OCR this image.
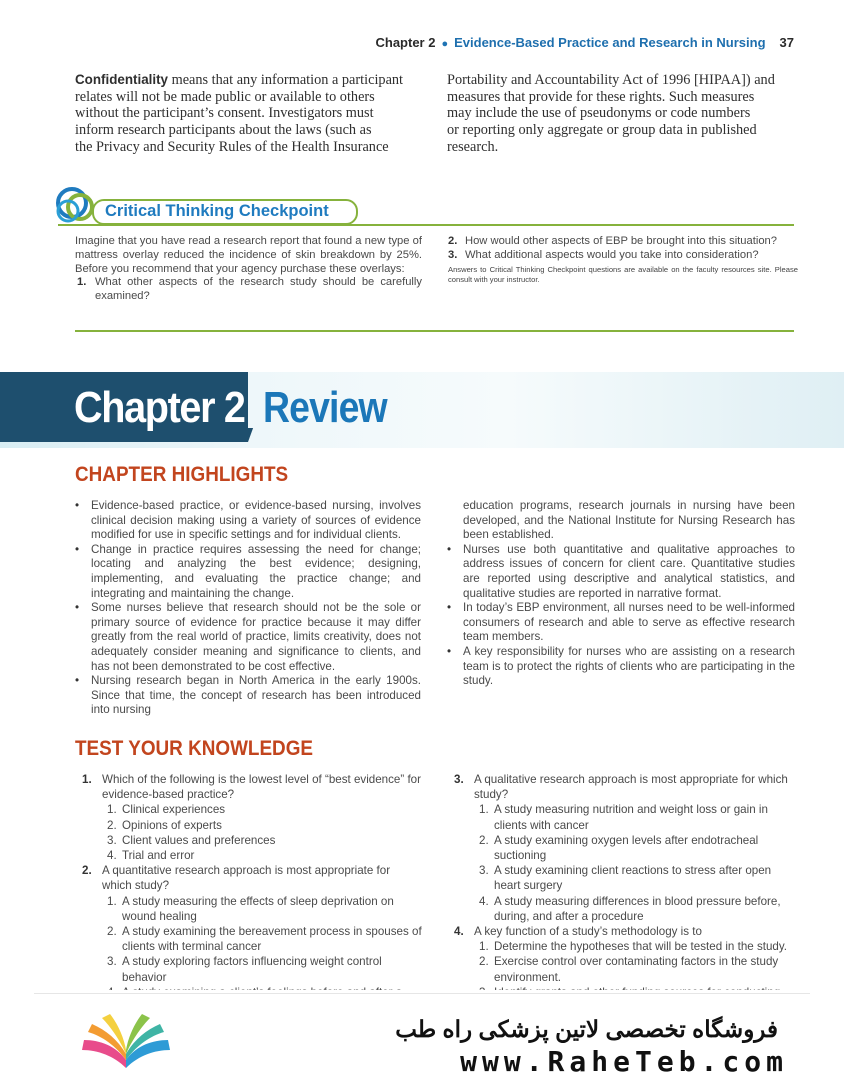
Chapter 2 ● Evidence-Based Practice and Research in Nursing 37
Confidentiality means that any information a participant
relates will not be made public or available to others
without the participant’s consent. Investigators must
inform research participants about the laws (such as
the Privacy and Security Rules of the Health Insurance
Portability and Accountability Act of 1996 [HIPAA]) and
measures that provide for these rights. Such measures
may include the use of pseudonyms or code numbers
or reporting only aggregate or group data in published
research.
Critical Thinking Checkpoint
Imagine that you have read a research report that found a new type of mattress overlay reduced the incidence of skin breakdown by 25%. Before you recommend that your agency purchase these overlays:
1. What other aspects of the research study should be carefully examined?
2. How would other aspects of EBP be brought into this situation?
3. What additional aspects would you take into consideration?
Answers to Critical Thinking Checkpoint questions are available on the faculty resources site. Please consult with your instructor.
Chapter 2 Review
CHAPTER HIGHLIGHTS
• Evidence-based practice, or evidence-based nursing, involves clinical decision making using a variety of sources of evidence modified for use in specific settings and for individual clients.
• Change in practice requires assessing the need for change; locating and analyzing the best evidence; designing, implementing, and evaluating the practice change; and integrating and maintaining the change.
• Some nurses believe that research should not be the sole or primary source of evidence for practice because it may differ greatly from the real world of practice, limits creativity, does not adequately consider meaning and significance to clients, and has not been demonstrated to be cost effective.
• Nursing research began in North America in the early 1900s. Since that time, the concept of research has been introduced into nursing
education programs, research journals in nursing have been developed, and the National Institute for Nursing Research has been established.
• Nurses use both quantitative and qualitative approaches to address issues of concern for client care. Quantitative studies are reported using descriptive and analytical statistics, and qualitative studies are reported in narrative format.
• In today’s EBP environment, all nurses need to be well-informed consumers of research and able to serve as effective research team members.
• A key responsibility for nurses who are assisting on a research team is to protect the rights of clients who are participating in the study.
TEST YOUR KNOWLEDGE
1. Which of the following is the lowest level of “best evidence” for evidence-based practice?
1. Clinical experiences
2. Opinions of experts
3. Client values and preferences
4. Trial and error
2. A quantitative research approach is most appropriate for which study?
1. A study measuring the effects of sleep deprivation on wound healing
2. A study examining the bereavement process in spouses of clients with terminal cancer
3. A study exploring factors influencing weight control behavior
3. A qualitative research approach is most appropriate for which study?
1. A study measuring nutrition and weight loss or gain in clients with cancer
2. A study examining oxygen levels after endotracheal suctioning
3. A study examining client reactions to stress after open heart surgery
4. A study measuring differences in blood pressure before, during, and after a procedure
4. A key function of a study’s methodology is to
1. Determine the hypotheses that will be tested in the study.
2. Exercise control over contaminating factors in the study environment.
فروشگاه تخصصی لاتین پزشکی راه طب
www.RaheTeb.com
